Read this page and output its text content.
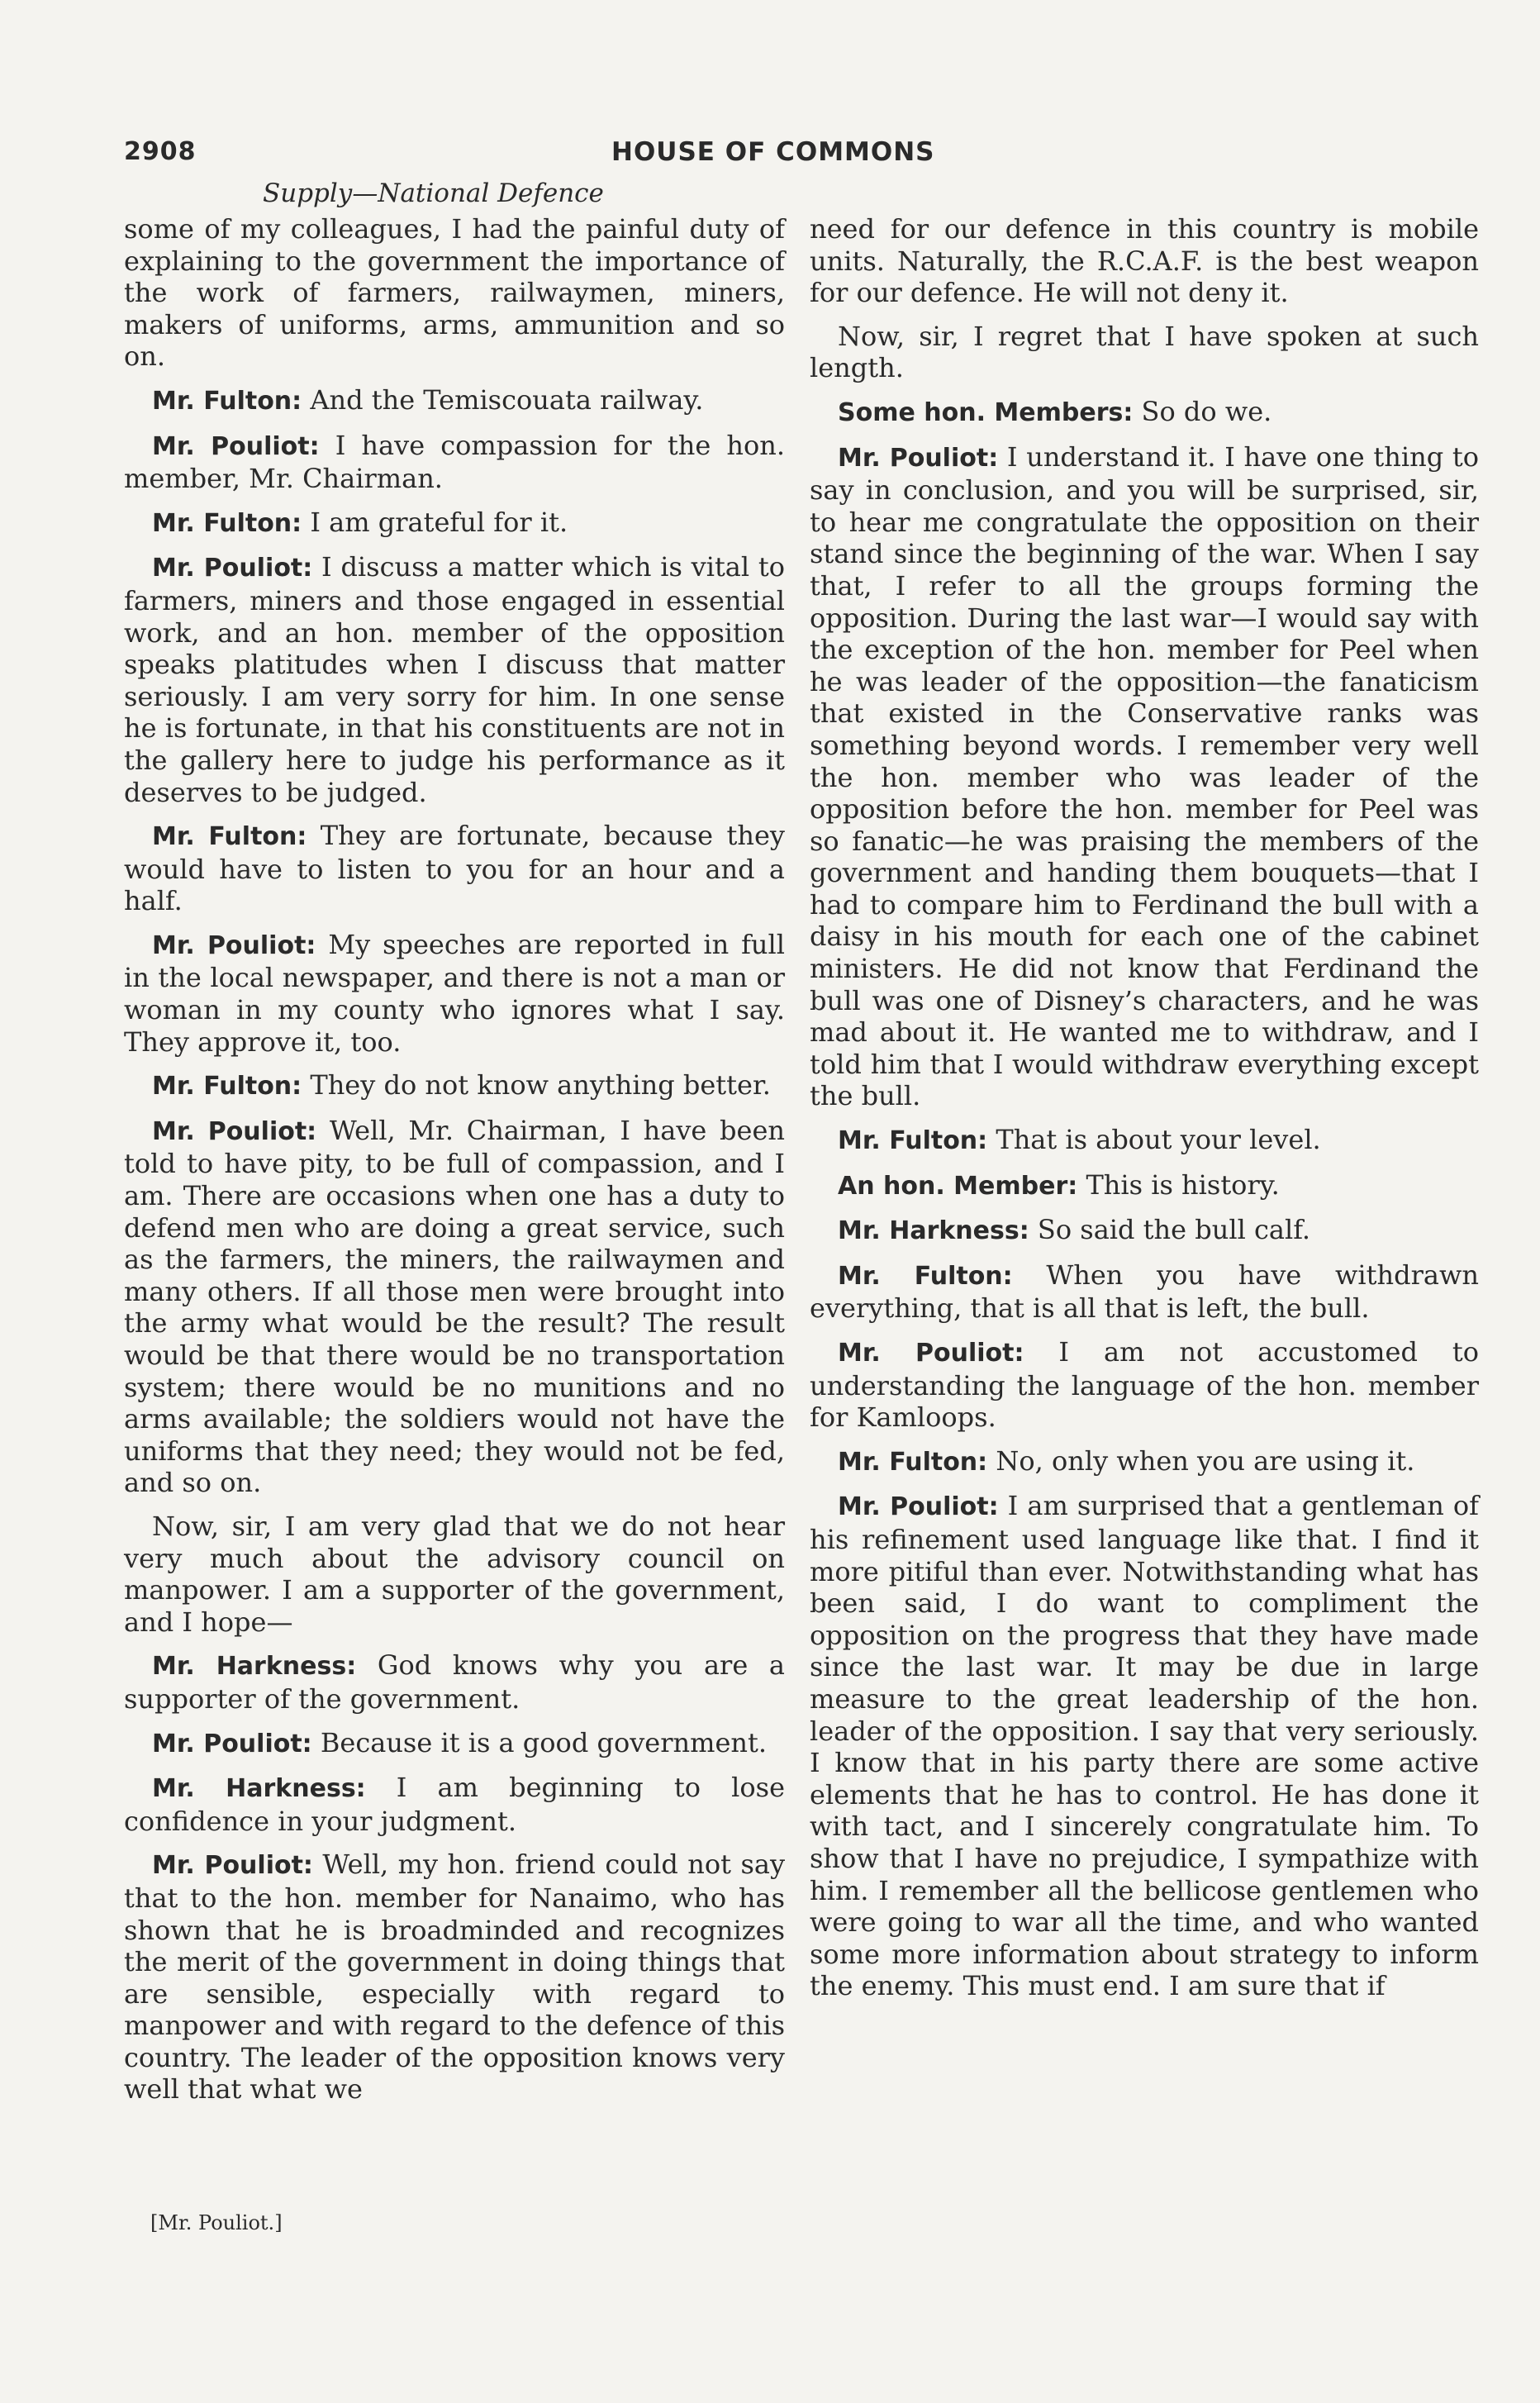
2908	HOUSE OF COMMONS
Supply—National Defence

some of my colleagues, I had the painful duty of explaining to the government the importance of the work of farmers, railwaymen, miners, makers of uniforms, arms, ammunition and so on.

Mr. Fulton: And the Temiscouata railway.

Mr. Pouliot: I have compassion for the hon. member, Mr. Chairman.

Mr. Fulton: I am grateful for it.

Mr. Pouliot: I discuss a matter which is vital to farmers, miners and those engaged in essential work, and an hon. member of the opposition speaks platitudes when I discuss that matter seriously. I am very sorry for him. In one sense he is fortunate, in that his constituents are not in the gallery here to judge his performance as it deserves to be judged.

Mr. Fulton: They are fortunate, because they would have to listen to you for an hour and a half.

Mr. Pouliot: My speeches are reported in full in the local newspaper, and there is not a man or woman in my county who ignores what I say. They approve it, too.

Mr. Fulton: They do not know anything better.

Mr. Pouliot: Well, Mr. Chairman, I have been told to have pity, to be full of compassion, and I am. There are occasions when one has a duty to defend men who are doing a great service, such as the farmers, the miners, the railwaymen and many others. If all those men were brought into the army what would be the result? The result would be that there would be no transportation system; there would be no munitions and no arms available; the soldiers would not have the uniforms that they need; they would not be fed, and so on.

Now, sir, I am very glad that we do not hear very much about the advisory council on manpower. I am a supporter of the government, and I hope—

Mr. Harkness: God knows why you are a supporter of the government.

Mr. Pouliot: Because it is a good government.

Mr. Harkness: I am beginning to lose confidence in your judgment.

Mr. Pouliot: Well, my hon. friend could not say that to the hon. member for Nanaimo, who has shown that he is broadminded and recognizes the merit of the government in doing things that are sensible, especially with regard to manpower and with regard to the defence of this country. The leader of the opposition knows very well that what we

need for our defence in this country is mobile units. Naturally, the R.C.A.F. is the best weapon for our defence. He will not deny it.

Now, sir, I regret that I have spoken at such length.

Some hon. Members: So do we.

Mr. Pouliot: I understand it. I have one thing to say in conclusion, and you will be surprised, sir, to hear me congratulate the opposition on their stand since the beginning of the war. When I say that, I refer to all the groups forming the opposition. During the last war—I would say with the exception of the hon. member for Peel when he was leader of the opposition—the fanaticism that existed in the Conservative ranks was something beyond words. I remember very well the hon. member who was leader of the opposition before the hon. member for Peel was so fanatic—he was praising the members of the government and handing them bouquets—that I had to compare him to Ferdinand the bull with a daisy in his mouth for each one of the cabinet ministers. He did not know that Ferdinand the bull was one of Disney’s characters, and he was mad about it. He wanted me to withdraw, and I told him that I would withdraw everything except the bull.

Mr. Fulton: That is about your level.

An hon. Member: This is history.

Mr. Harkness: So said the bull calf.

Mr. Fulton: When you have withdrawn everything, that is all that is left, the bull.

Mr. Pouliot: I am not accustomed to understanding the language of the hon. member for Kamloops.

Mr. Fulton: No, only when you are using it.

Mr. Pouliot: I am surprised that a gentleman of his refinement used language like that. I find it more pitiful than ever. Notwithstanding what has been said, I do want to compliment the opposition on the progress that they have made since the last war. It may be due in large measure to the great leadership of the hon. leader of the opposition. I say that very seriously. I know that in his party there are some active elements that he has to control. He has done it with tact, and I sincerely congratulate him. To show that I have no prejudice, I sympathize with him. I remember all the bellicose gentlemen who were going to war all the time, and who wanted some more information about strategy to inform the enemy. This must end. I am sure that if

[Mr. Pouliot.]
